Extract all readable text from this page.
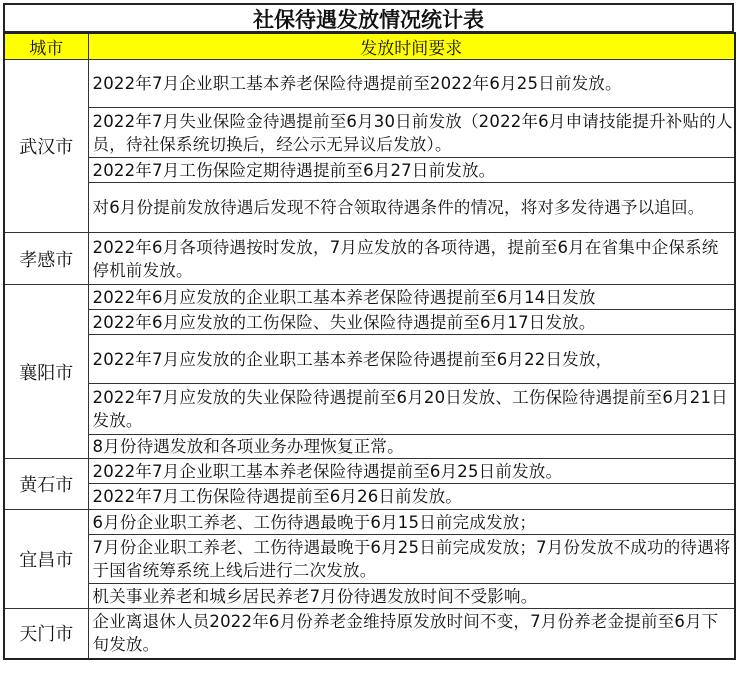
社保待遇发放情况统计表
城市	发放时间要求
武汉市	2022年7月企业职工基本养老保险待遇提前至2022年6月25日前发放。
	2022年7月失业保险金待遇提前至6月30日前发放（2022年6月申请技能提升补贴的人员，待社保系统切换后，经公示无异议后发放）。
	2022年7月工伤保险定期待遇提前至6月27日前发放。
	对6月份提前发放待遇后发现不符合领取待遇条件的情况，将对多发待遇予以追回。
孝感市	2022年6月各项待遇按时发放，7月应发放的各项待遇，提前至6月在省集中企保系统停机前发放。
襄阳市	2022年6月应发放的企业职工基本养老保险待遇提前至6月14日发放
	2022年6月应发放的工伤保险、失业保险待遇提前至6月17日发放。
	2022年7月应发放的企业职工基本养老保险待遇提前至6月22日发放，
	2022年7月应发放的失业保险待遇提前至6月20日发放、工伤保险待遇提前至6月21日发放。
	8月份待遇发放和各项业务办理恢复正常。
黄石市	2022年7月企业职工基本养老保险待遇提前至6月25日前发放。
	2022年7月工伤保险待遇提前至6月26日前发放。
宜昌市	6月份企业职工养老、工伤待遇最晚于6月15日前完成发放；
	7月份企业职工养老、工伤待遇最晚于6月25日前完成发放；7月份发放不成功的待遇将于国省统筹系统上线后进行二次发放。
	机关事业养老和城乡居民养老7月份待遇发放时间不受影响。
天门市	企业离退休人员2022年6月份养老金维持原发放时间不变，7月份养老金提前至6月下旬发放。
